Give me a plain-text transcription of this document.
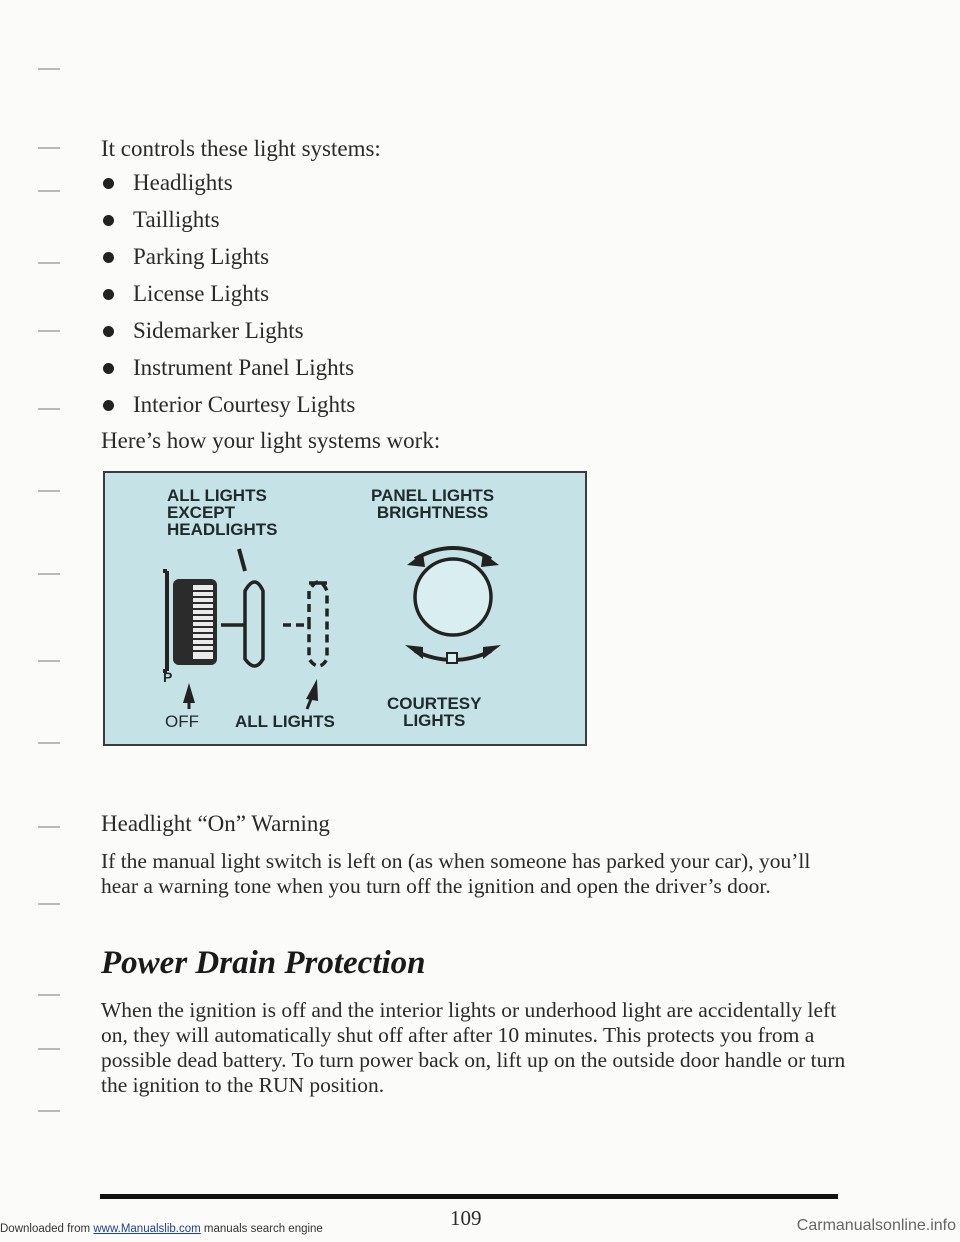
It controls these light systems:
Headlights
Taillights
Parking Lights
License Lights
Sidemarker Lights
Instrument Panel Lights
Interior Courtesy Lights
Here’s how your light systems work:
ALL LIGHTS
EXCEPT
HEADLIGHTS
PANEL LIGHTS
BRIGHTNESS
P
OFF ALL LIGHTS
COURTESY
LIGHTS
Headlight “On” Warning

If the manual light switch is left on (as when someone has parked your car), you’ll hear a warning tone when you turn off the ignition and open the driver’s door.

Power Drain Protection

When the ignition is off and the interior lights or underhood light are accidentally left on, they will automatically shut off after after 10 minutes. This protects you from a possible dead battery. To turn power back on, lift up on the outside door handle or turn the ignition to the RUN position.

109
Downloaded from www.Manualslib.com manuals search engine	Carmanualsonline.info
